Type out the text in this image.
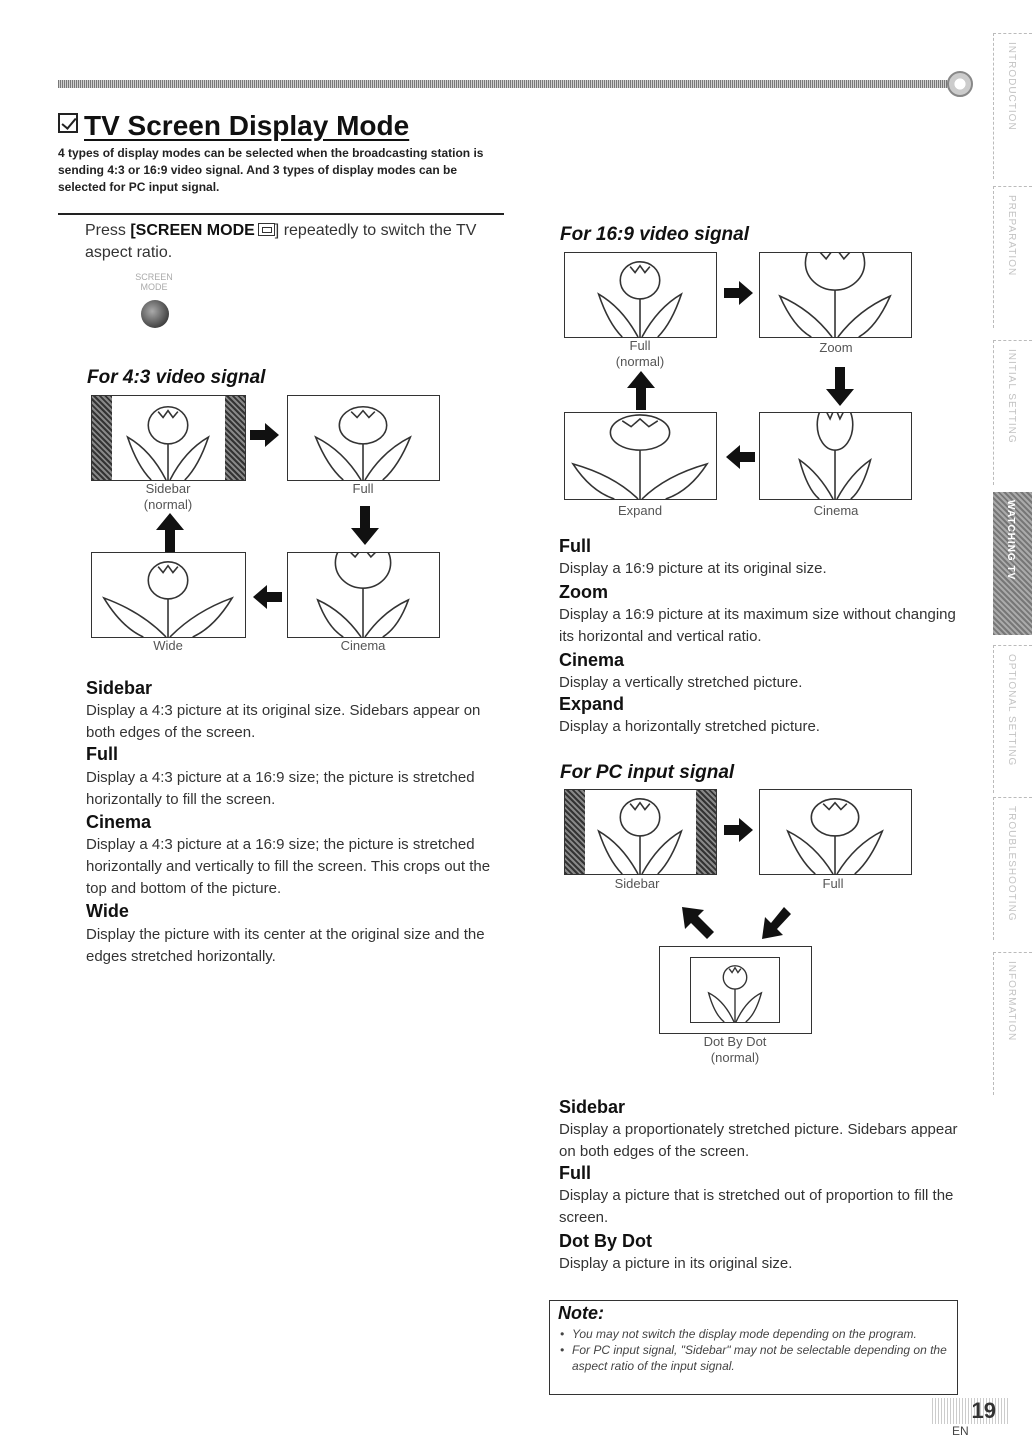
TV Screen Display Mode
4 types of display modes can be selected when the broadcasting station is sending 4:3 or 16:9 video signal. And 3 types of display modes can be selected for PC input signal.
Press [SCREEN MODE ] repeatedly to switch the TV aspect ratio.
SCREEN MODE
For 4:3 video signal
Sidebar
(normal)
Full
Wide	Cinema
Sidebar
Display a 4:3 picture at its original size. Sidebars appear on both edges of the screen.
Full
Display a 4:3 picture at a 16:9 size; the picture is stretched horizontally to fill the screen.
Cinema
Display a 4:3 picture at a 16:9 size; the picture is stretched horizontally and vertically to fill the screen. This crops out the top and bottom of the picture.
Wide
Display the picture with its center at the original size and the edges stretched horizontally.
For 16:9 video signal
Full
(normal)
Zoom
Expand	Cinema
Full
Display a 16:9 picture at its original size.
Zoom
Display a 16:9 picture at its maximum size without changing its horizontal and vertical ratio.
Cinema
Display a vertically stretched picture.
Expand
Display a horizontally stretched picture.
For PC input signal
Sidebar	Full
Dot By Dot
(normal)
Sidebar
Display a proportionately stretched picture. Sidebars appear on both edges of the screen.
Full
Display a picture that is stretched out of proportion to fill the screen.
Dot By Dot
Display a picture in its original size.
Note:
• You may not switch the display mode depending on the program.
• For PC input signal, "Sidebar" may not be selectable depending on the aspect ratio of the input signal.
INTRODUCTION
PREPARATION
INITIAL SETTING
WATCHING TV
OPTIONAL SETTING
TROUBLESHOOTING
INFORMATION
19
EN
